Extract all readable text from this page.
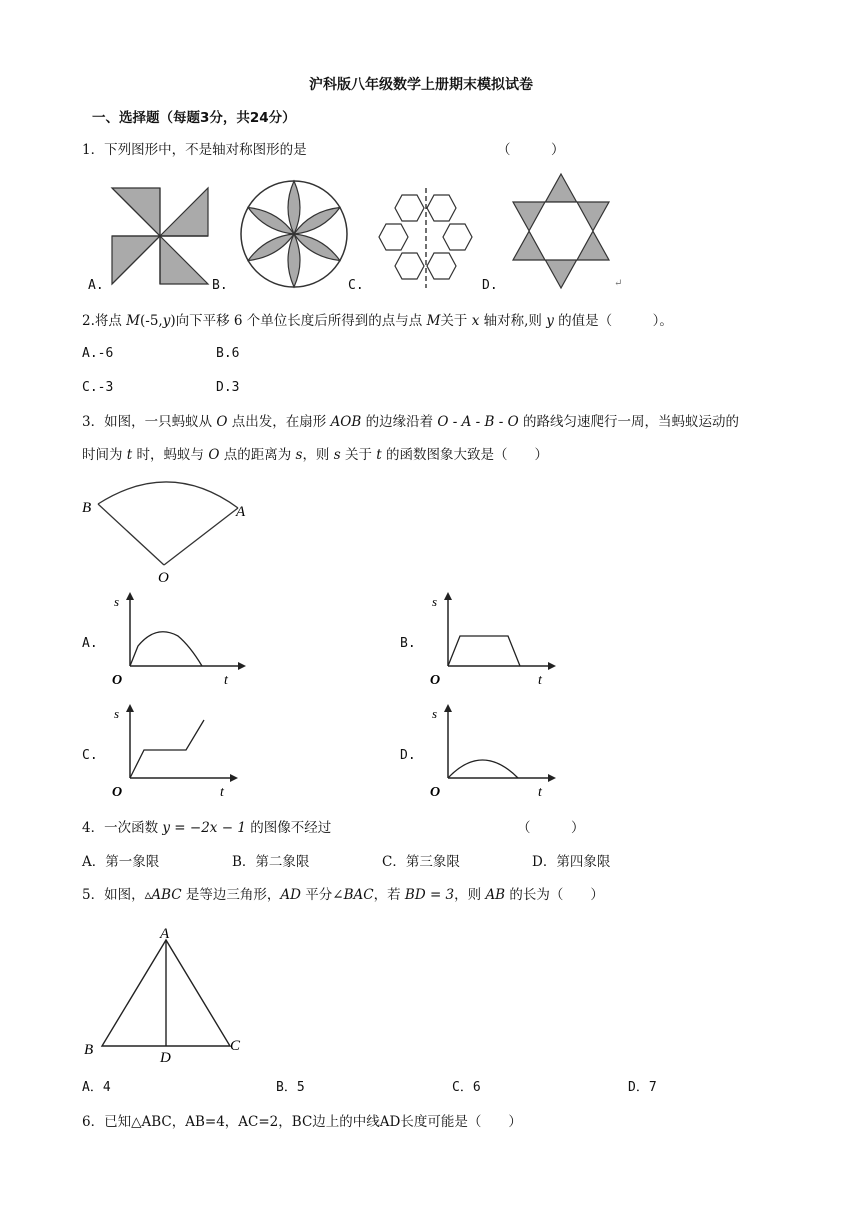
沪科版八年级数学上册期末模拟试卷
一、选择题（每题3分，共24分）
1．下列图形中，不是轴对称图形的是	（　　　）
A.	B.	C.	D.	↵
2.将点 M(-5,y)向下平移 6 个单位长度后所得到的点与点 M关于 x 轴对称,则 y 的值是（　　　）。
A.-6	B.6
C.-3	D.3
3．如图，一只蚂蚁从 O 点出发，在扇形 AOB 的边缘沿着 O - A - B - O 的路线匀速爬行一周，当蚂蚁运动的
时间为 t 时，蚂蚁与 O 点的距离为 s，则 s 关于 t 的函数图象大致是（　　）
B	A
O
A.
s
O	t
B.
s
O	t
C.
s
O	t
D.
s
O	t
4．一次函数 y = −2x − 1 的图像不经过	（　　　）
A．第一象限	B．第二象限	C．第三象限	D．第四象限
5．如图，▵ABC 是等边三角形，AD 平分∠BAC，若 BD = 3，则 AB 的长为（　　）
A
B	C
D
A．4	B．5	C．6	D．7
6．已知△ABC，AB=4，AC=2，BC边上的中线AD长度可能是（　　）
